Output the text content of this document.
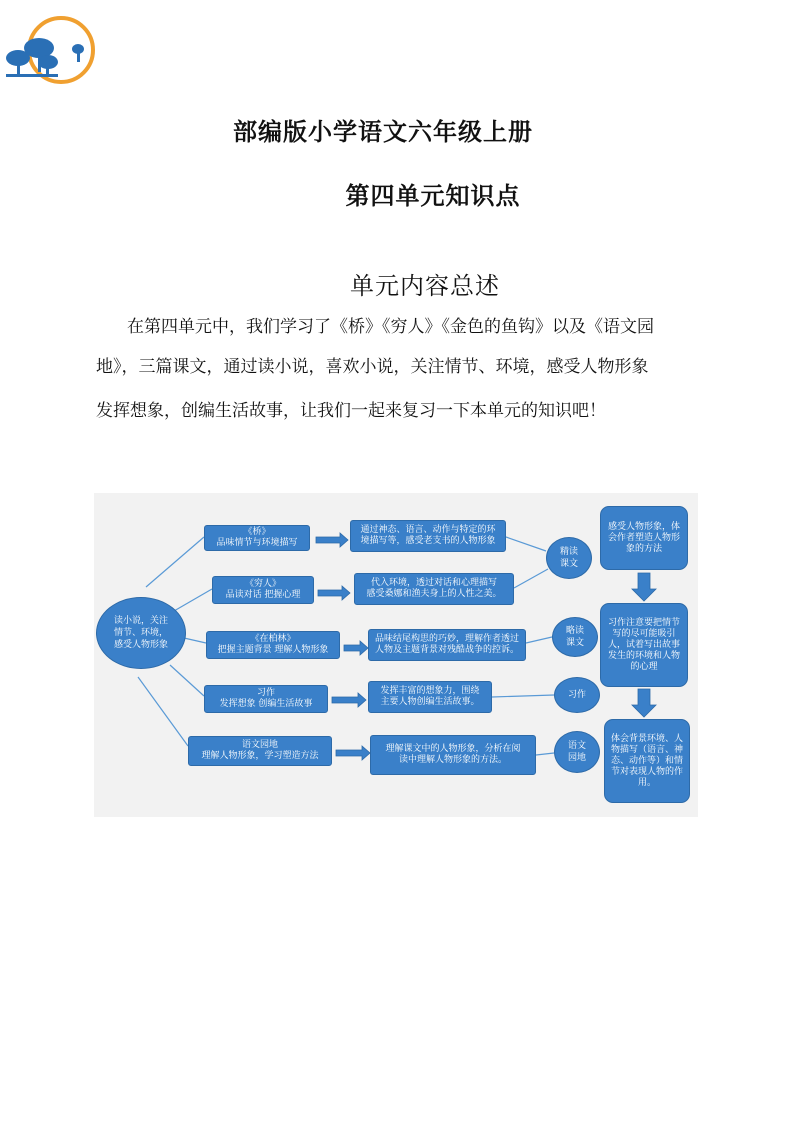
部编版小学语文六年级上册
第四单元知识点
单元内容总述
在第四单元中，我们学习了《桥》《穷人》《金色的鱼钩》以及《语文园
地》，三篇课文，通过读小说，喜欢小说，关注情节、环境，感受人物形象
发挥想象，创编生活故事，让我们一起来复习一下本单元的知识吧！
读小说，关注
情节、环境，
感受人物形象
《桥》
品味情节与环境描写
《穷人》
品读对话 把握心理
《在柏林》
把握主题背景 理解人物形象
习作
发挥想象 创编生活故事
语文园地
理解人物形象，学习塑造方法
通过神态、语言、动作与特定的环
境描写等，感受老支书的人物形象
代入环境，透过对话和心理描写
感受桑娜和渔夫身上的人性之美。
品味结尾构思的巧妙，理解作者透过
人物及主题背景对残酷战争的控诉。
发挥丰富的想象力，围绕
主要人物创编生活故事。
理解课文中的人物形象，分析在阅
读中理解人物形象的方法。
精读
课文
略读
课文
习作
语文
园地
感受人物形象，体会作者塑造人物形象的方法
习作注意要把情节写的尽可能吸引人，试着写出故事发生的环境和人物的心理
体会背景环境、人物描写（语言、神态、动作等）和情节对表现人物的作用。
